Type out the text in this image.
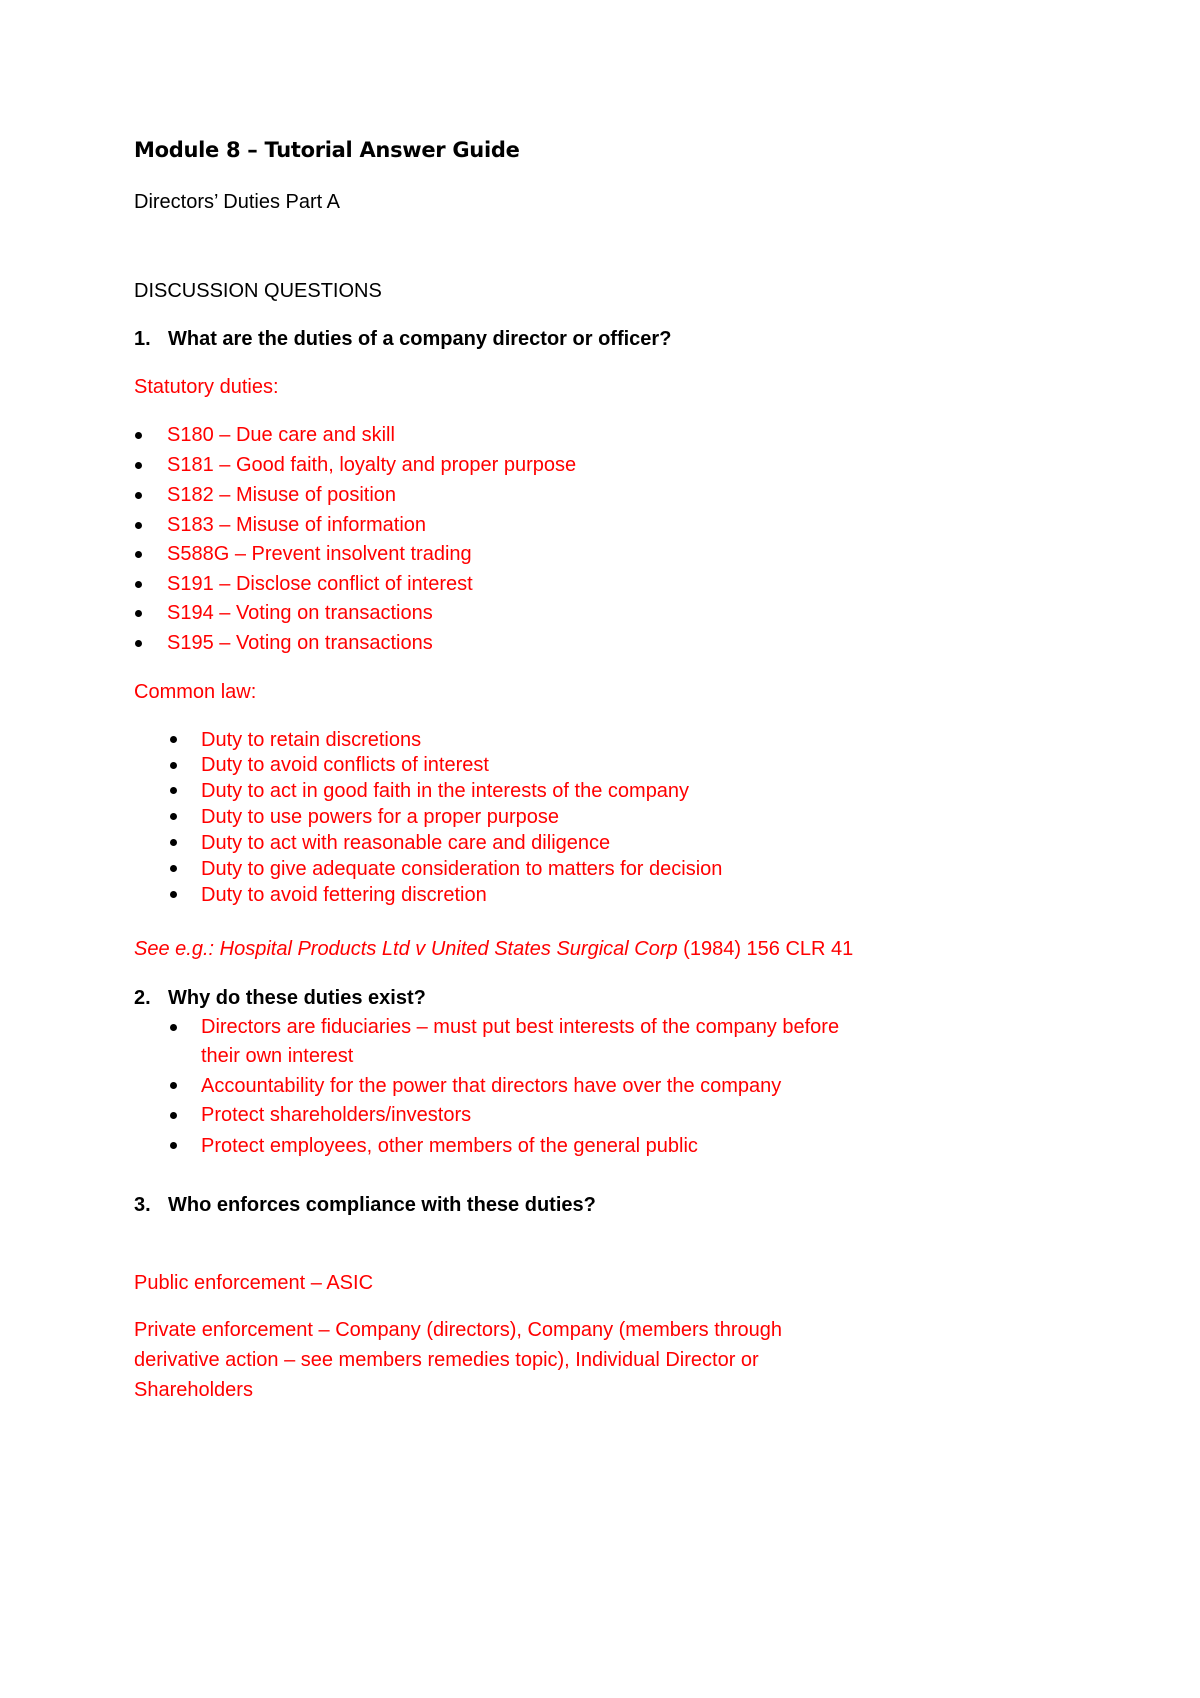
Module 8 – Tutorial Answer Guide
Directors’ Duties Part A
DISCUSSION QUESTIONS
1. What are the duties of a company director or officer?
Statutory duties:
S180 – Due care and skill
S181 – Good faith, loyalty and proper purpose
S182 – Misuse of position
S183 – Misuse of information
S588G – Prevent insolvent trading
S191 – Disclose conflict of interest
S194 – Voting on transactions
S195 – Voting on transactions
Common law:
Duty to retain discretions
Duty to avoid conflicts of interest
Duty to act in good faith in the interests of the company
Duty to use powers for a proper purpose
Duty to act with reasonable care and diligence
Duty to give adequate consideration to matters for decision
Duty to avoid fettering discretion
See e.g.: Hospital Products Ltd v United States Surgical Corp (1984) 156 CLR 41
2. Why do these duties exist?
Directors are fiduciaries – must put best interests of the company before
their own interest
Accountability for the power that directors have over the company
Protect shareholders/investors
Protect employees, other members of the general public
3. Who enforces compliance with these duties?
Public enforcement – ASIC
Private enforcement – Company (directors), Company (members through
derivative action – see members remedies topic), Individual Director or
Shareholders
